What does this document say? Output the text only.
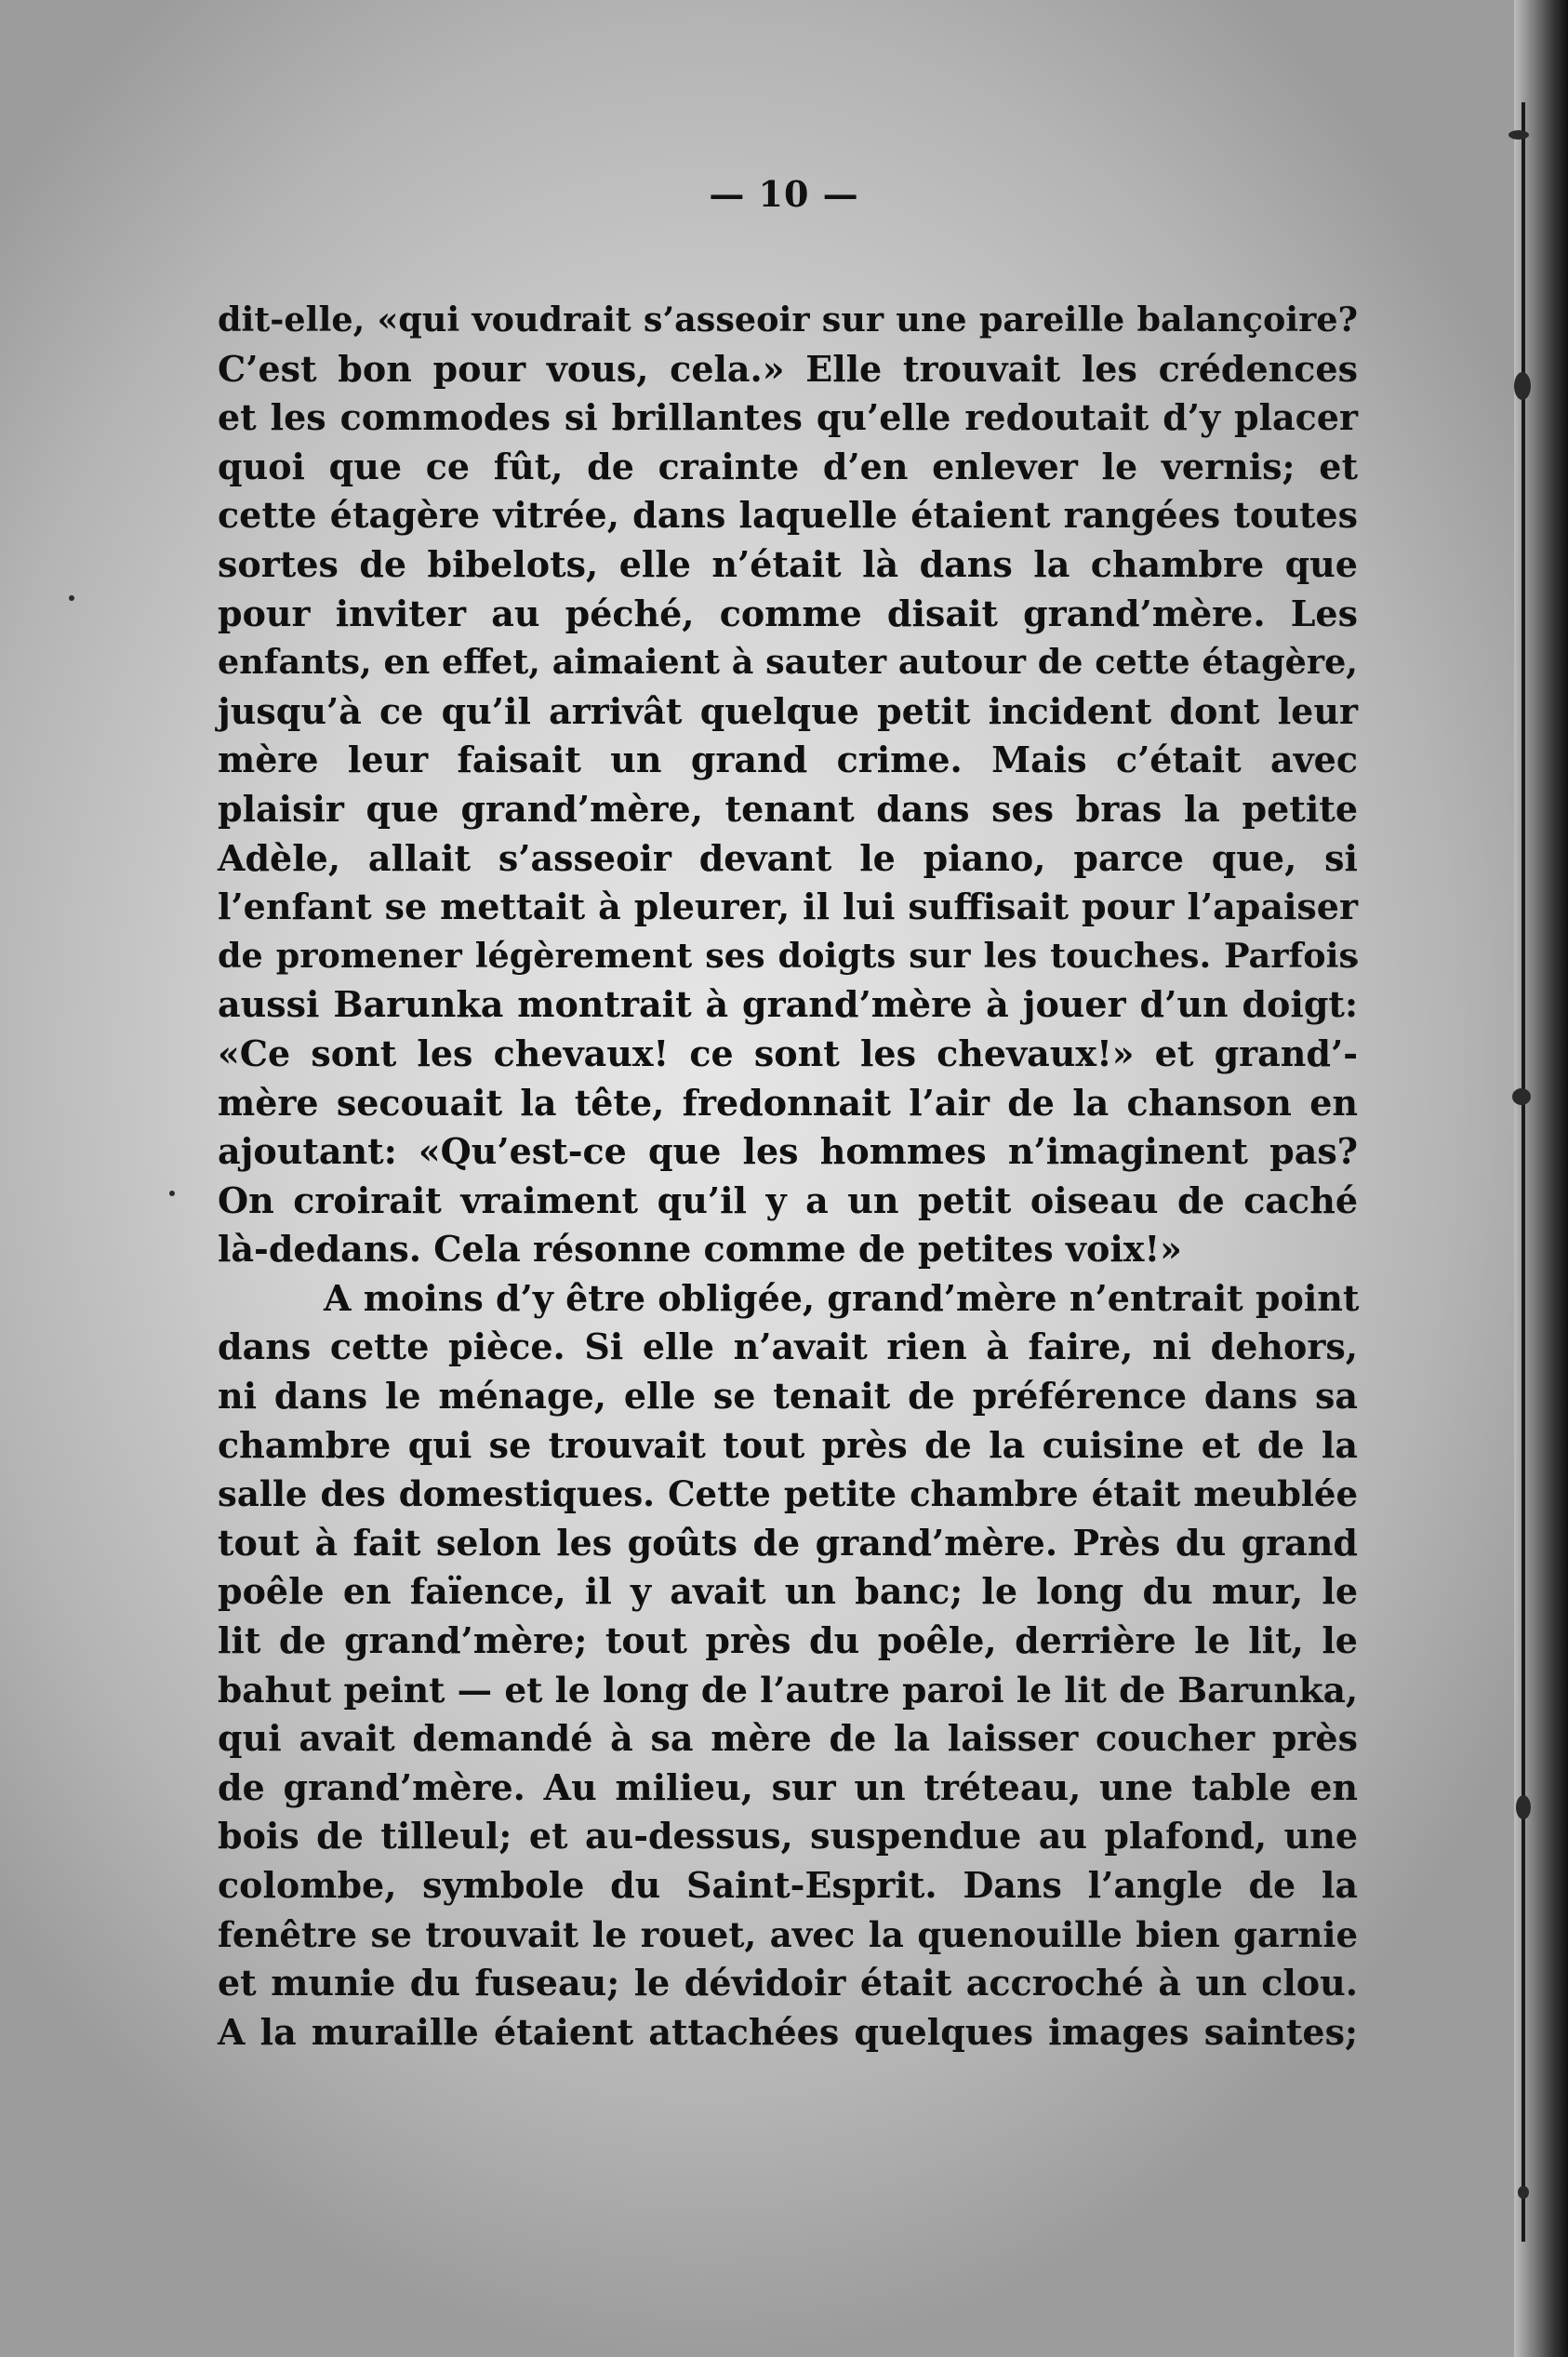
— 10 —
dit-elle, «qui voudrait s’asseoir sur une pareille balançoire?
C’est bon pour vous, cela.» Elle trouvait les crédences
et les commodes si brillantes qu’elle redoutait d’y placer
quoi que ce fût, de crainte d’en enlever le vernis; et
cette étagère vitrée, dans laquelle étaient rangées toutes
sortes de bibelots, elle n’était là dans la chambre que
pour inviter au péché, comme disait grand’mère. Les
enfants, en effet, aimaient à sauter autour de cette étagère,
jusqu’à ce qu’il arrivât quelque petit incident dont leur
mère leur faisait un grand crime. Mais c’était avec
plaisir que grand’mère, tenant dans ses bras la petite
Adèle, allait s’asseoir devant le piano, parce que, si
l’enfant se mettait à pleurer, il lui suffisait pour l’apaiser
de promener légèrement ses doigts sur les touches. Parfois
aussi Barunka montrait à grand’mère à jouer d’un doigt:
«Ce sont les chevaux! ce sont les chevaux!» et grand’-
mère secouait la tête, fredonnait l’air de la chanson en
ajoutant: «Qu’est-ce que les hommes n’imaginent pas?
On croirait vraiment qu’il y a un petit oiseau de caché
là-dedans. Cela résonne comme de petites voix!»
A moins d’y être obligée, grand’mère n’entrait point
dans cette pièce. Si elle n’avait rien à faire, ni dehors,
ni dans le ménage, elle se tenait de préférence dans sa
chambre qui se trouvait tout près de la cuisine et de la
salle des domestiques. Cette petite chambre était meublée
tout à fait selon les goûts de grand’mère. Près du grand
poêle en faïence, il y avait un banc; le long du mur, le
lit de grand’mère; tout près du poêle, derrière le lit, le
bahut peint — et le long de l’autre paroi le lit de Barunka,
qui avait demandé à sa mère de la laisser coucher près
de grand’mère. Au milieu, sur un tréteau, une table en
bois de tilleul; et au-dessus, suspendue au plafond, une
colombe, symbole du Saint-Esprit. Dans l’angle de la
fenêtre se trouvait le rouet, avec la quenouille bien garnie
et munie du fuseau; le dévidoir était accroché à un clou.
A la muraille étaient attachées quelques images saintes;
